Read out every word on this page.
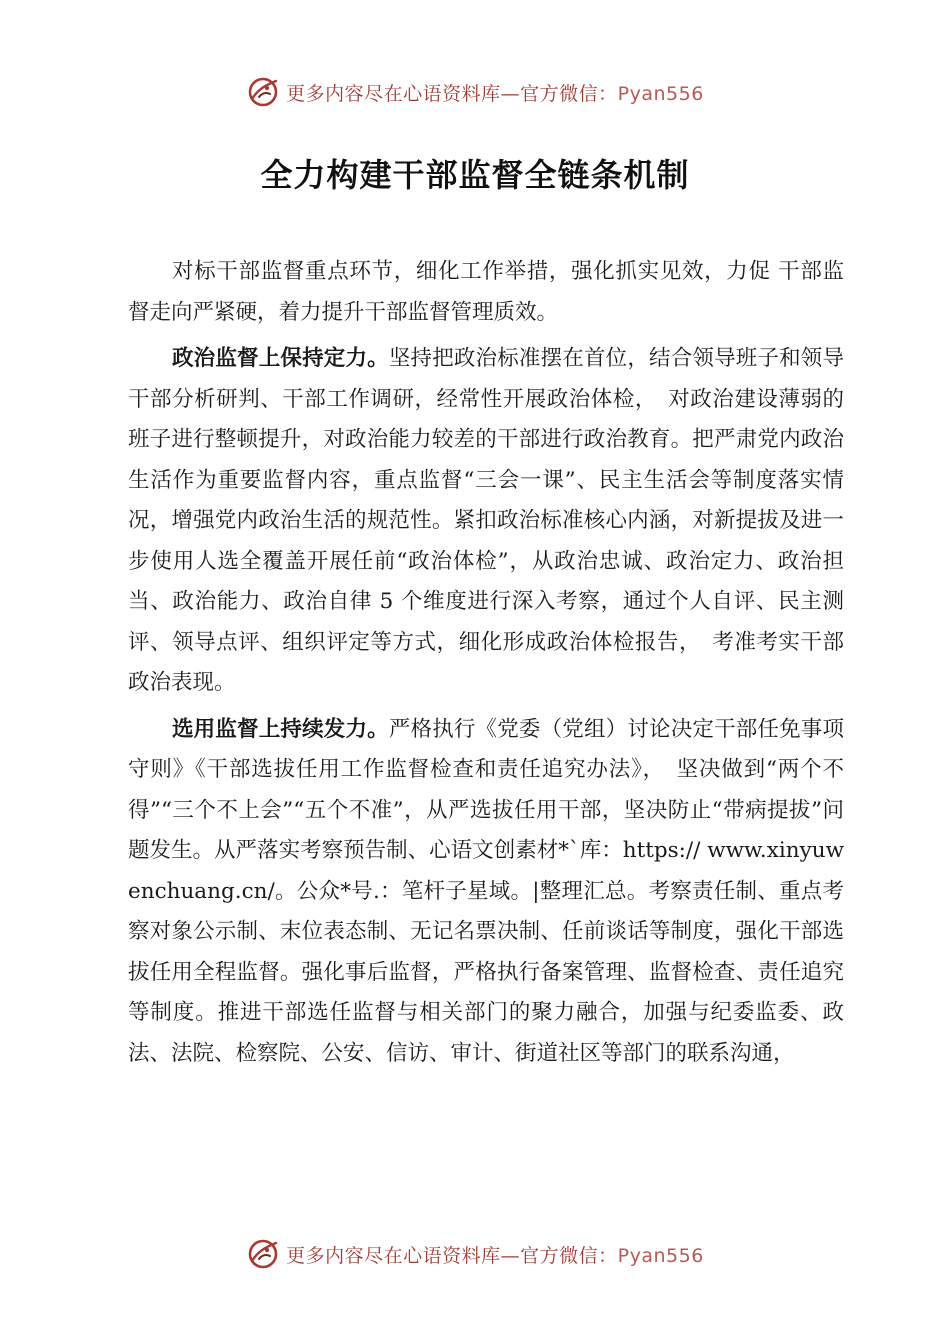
更多内容尽在心语资料库—官方微信：Pyan556
全力构建干部监督全链条机制

对标干部监督重点环节，细化工作举措，强化抓实见效，力促 干部监督走向严紧硬，着力提升干部监督管理质效。

政治监督上保持定力。坚持把政治标准摆在首位，结合领导班子和领导干部分析研判、干部工作调研，经常性开展政治体检，　对政治建设薄弱的班子进行整顿提升，对政治能力较差的干部进行政治教育。把严肃党内政治生活作为重要监督内容，重点监督“三会一课”、民主生活会等制度落实情况，增强党内政治生活的规范性。紧扣政治标准核心内涵，对新提拔及进一步使用人选全覆盖开展任前“政治体检”，从政治忠诚、政治定力、政治担当、政治能力、政治自律 5 个维度进行深入考察，通过个人自评、民主测评、领导点评、组织评定等方式，细化形成政治体检报告，　考准考实干部政治表现。

选用监督上持续发力。严格执行《党委（党组）讨论决定干部任免事项守则》《干部选拔任用工作监督检查和责任追究办法》，　坚决做到“两个不得”“三个不上会”“五个不准”，从严选拔任用干部，坚决防止“带病提拔”问题发生。从严落实考察预告制、心语文创素材*`库：https:// www.xinyuwenchuang.cn/。公众*号.：笔杆子星域。|整理汇总。考察责任制、重点考察对象公示制、末位表态制、无记名票决制、任前谈话等制度，强化干部选拔任用全程监督。强化事后监督，严格执行备案管理、监督检查、责任追究等制度。推进干部选任监督与相关部门的聚力融合，加强与纪委监委、政法、法院、检察院、公安、信访、审计、街道社区等部门的联系沟通，

更多内容尽在心语资料库—官方微信：Pyan556
